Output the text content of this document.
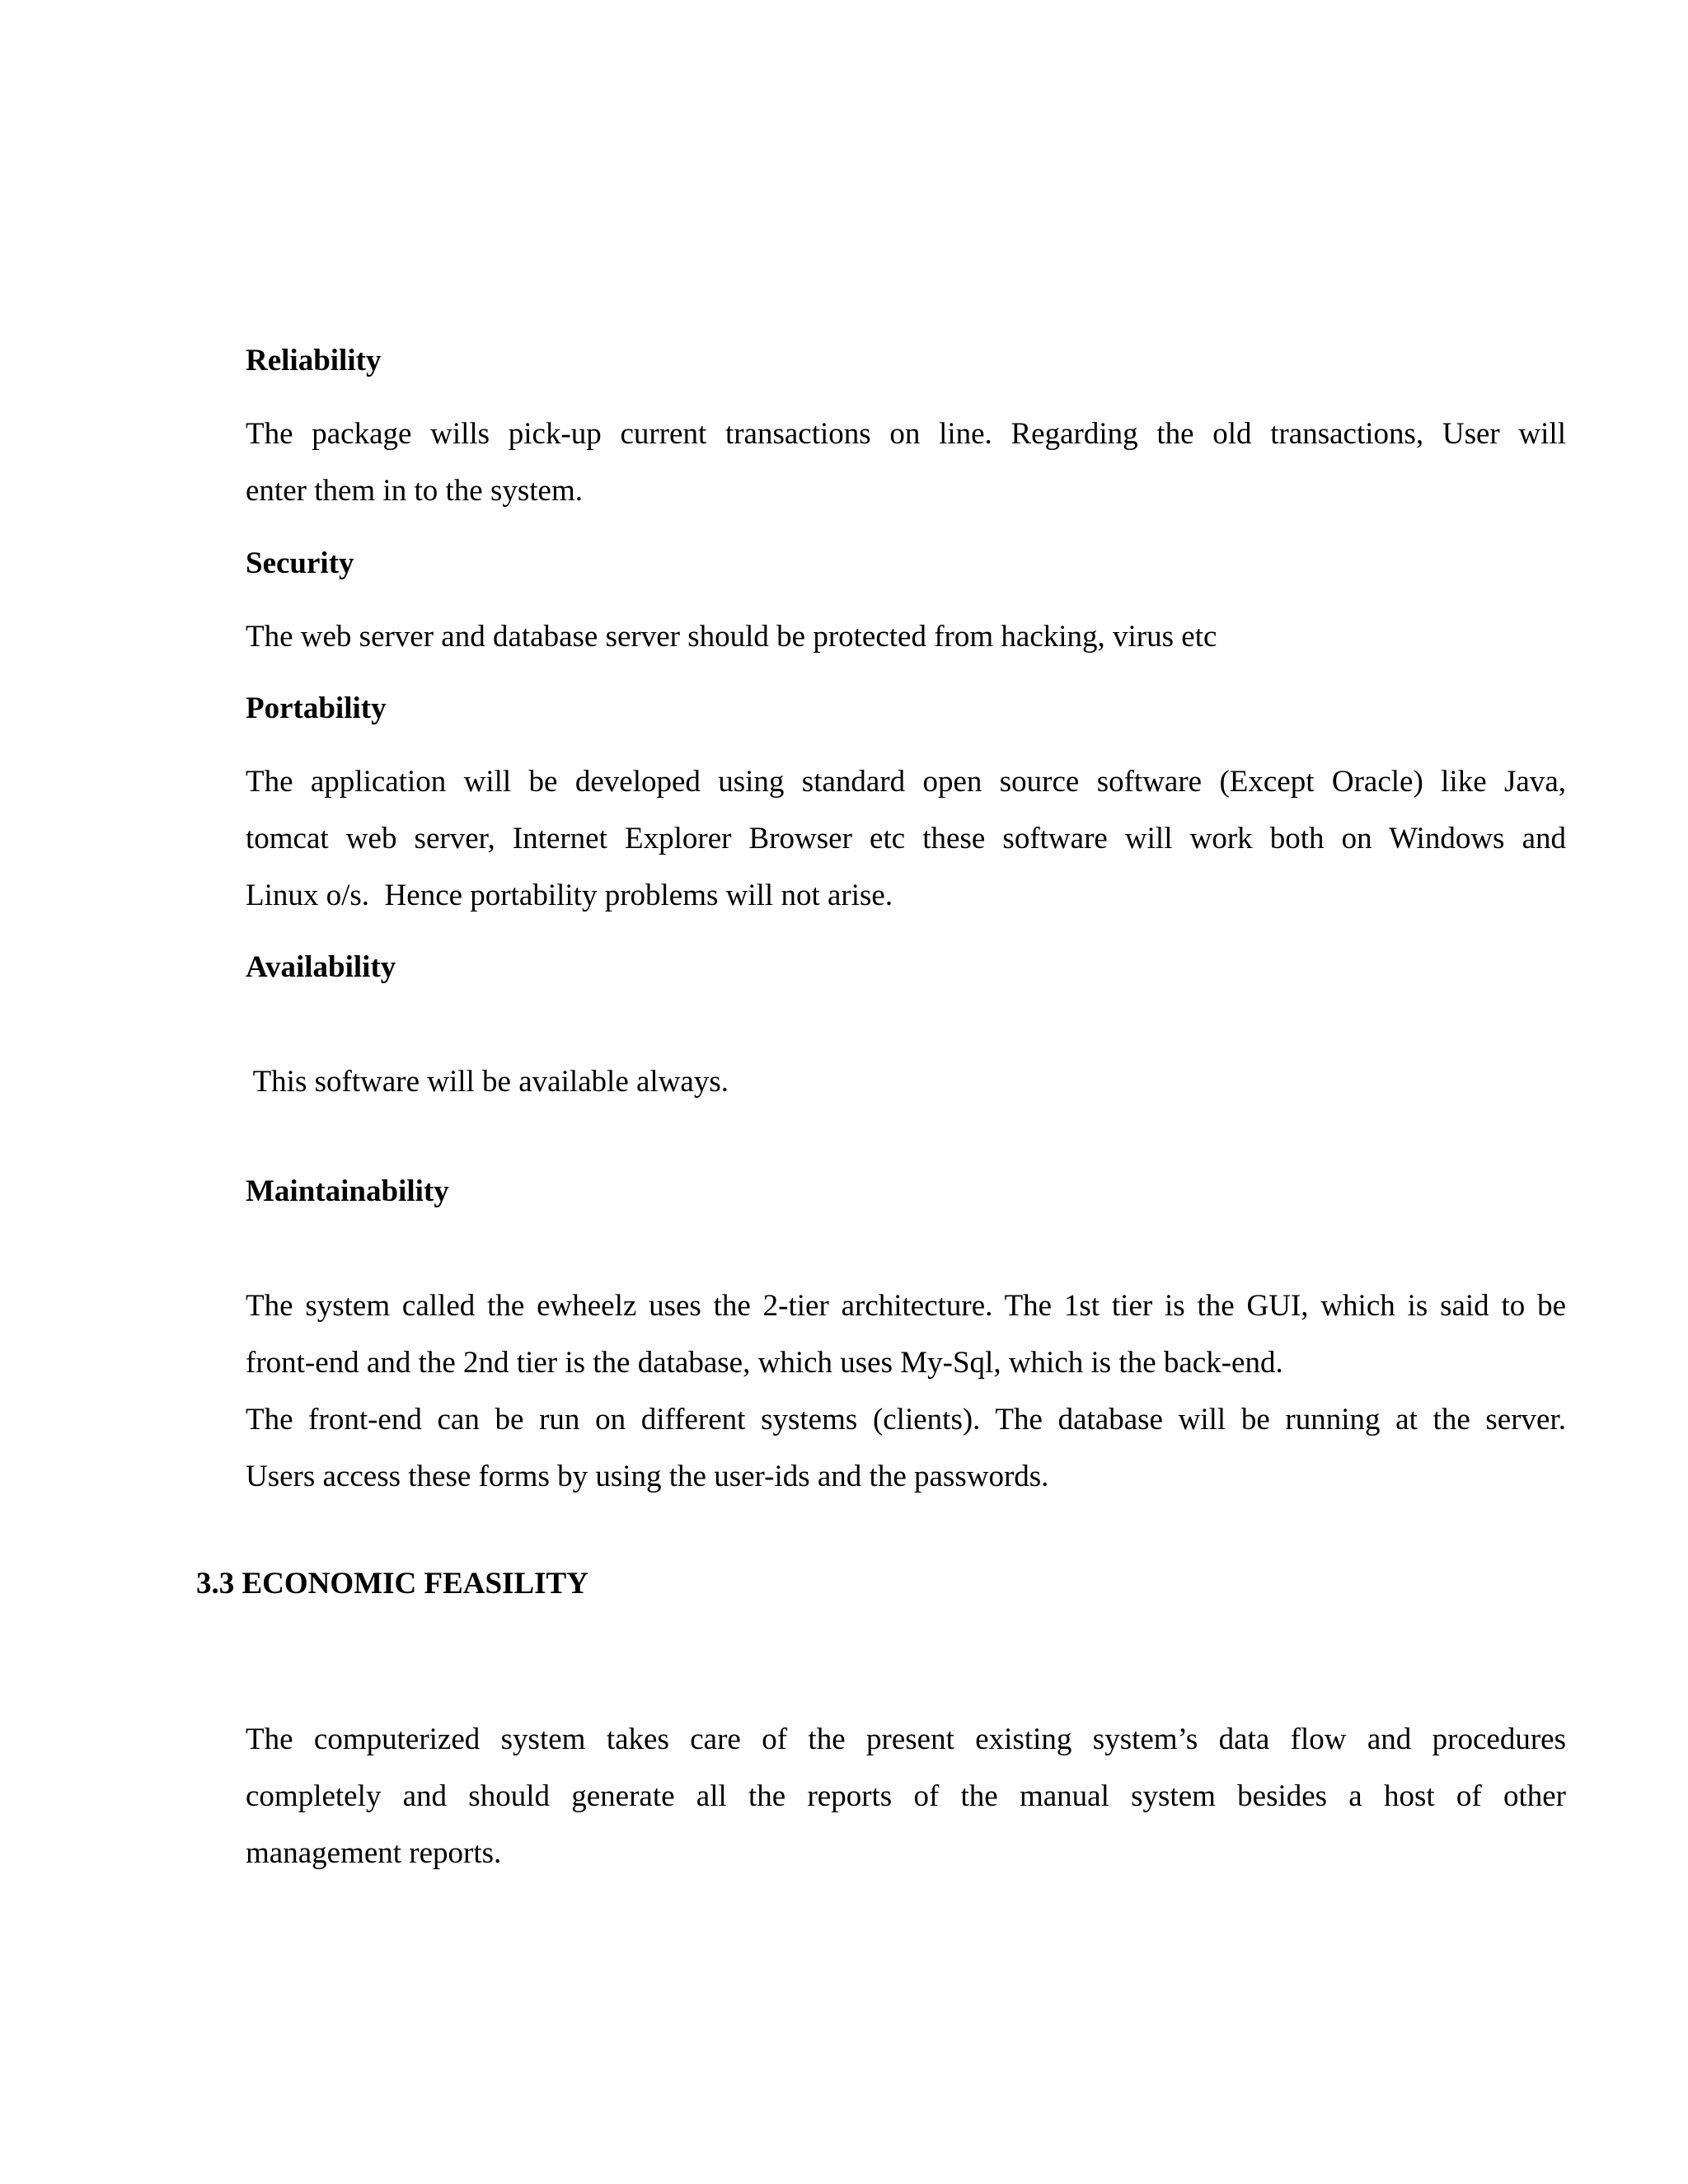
Reliability

The package wills pick-up current transactions on line. Regarding the old transactions, User will
enter them in to the system.

Security

The web server and database server should be protected from hacking, virus etc

Portability

The application will be developed using standard open source software (Except Oracle) like Java,
tomcat web server, Internet Explorer Browser etc these software will work both on Windows and
Linux o/s.  Hence portability problems will not arise.

Availability

This software will be available always.

Maintainability

The system called the ewheelz uses the 2-tier architecture. The 1st tier is the GUI, which is said to be
front-end and the 2nd tier is the database, which uses My-Sql, which is the back-end.
The front-end can be run on different systems (clients). The database will be running at the server.
Users access these forms by using the user-ids and the passwords.

3.3 ECONOMIC FEASILITY

The computerized system takes care of the present existing system’s data flow and procedures
completely and should generate all the reports of the manual system besides a host of other
management reports.
